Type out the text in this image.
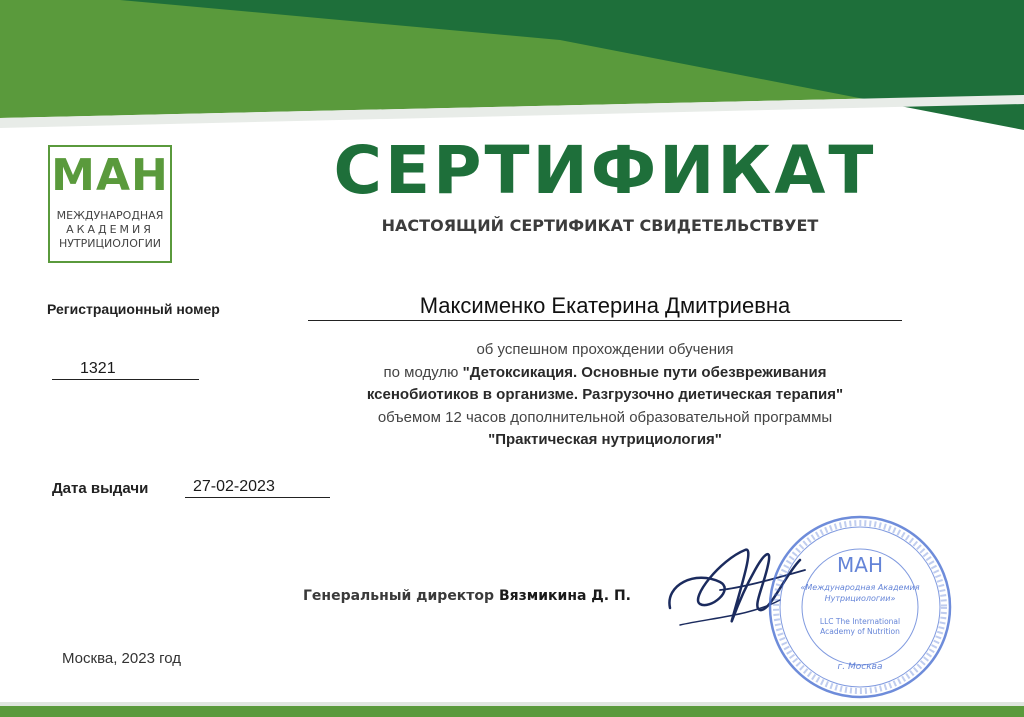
МАН
МЕЖДУНАРОДНАЯ
АКАДЕМИЯ
НУТРИЦИОЛОГИИ
СЕРТИФИКАТ
НАСТОЯЩИЙ СЕРТИФИКАТ СВИДЕТЕЛЬСТВУЕТ
Регистрационный номер
1321
Дата выдачи	27-02-2023
Максименко Екатерина Дмитриевна
об успешном прохождении обучения
по модулю "Детоксикация. Основные пути обезвреживания
ксенобиотиков в организме. Разгрузочно диетическая терапия"
объемом 12 часов дополнительной образовательной программы
"Практическая нутрициология"
Генеральный директор Вязмикина Д. П.
МАН
«Международная Академия
Нутрициологии»
LLC The International
Academy of Nutrition
г. Москва
Москва, 2023 год
